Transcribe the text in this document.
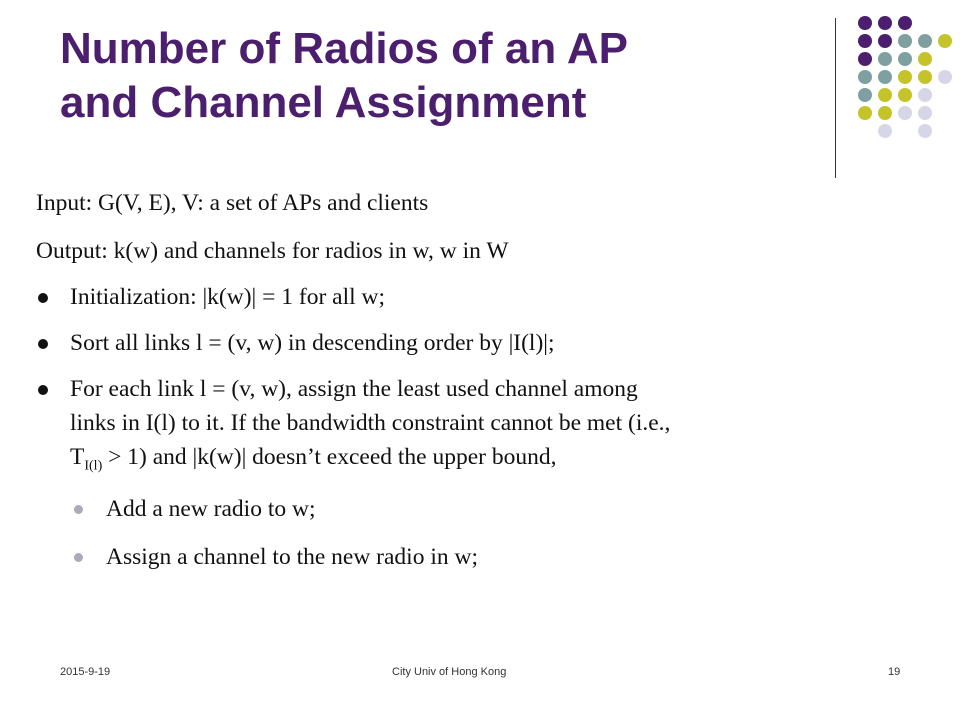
Number of Radios of an AP
and Channel Assignment
Input: G(V, E), V: a set of APs and clients
Output: k(w) and channels for radios in w, w in W
Initialization: |k(w)| = 1 for all w;
Sort all links l = (v, w) in descending order by |I(l)|;
For each link l = (v, w), assign the least used channel among
links in I(l) to it. If the bandwidth constraint cannot be met (i.e.,
$T_{I(l)} > 1$) and |k(w)| doesn’t exceed the upper bound,
Add a new radio to w;
Assign a channel to the new radio in w;
2015-9-19	City Univ of Hong Kong	19
